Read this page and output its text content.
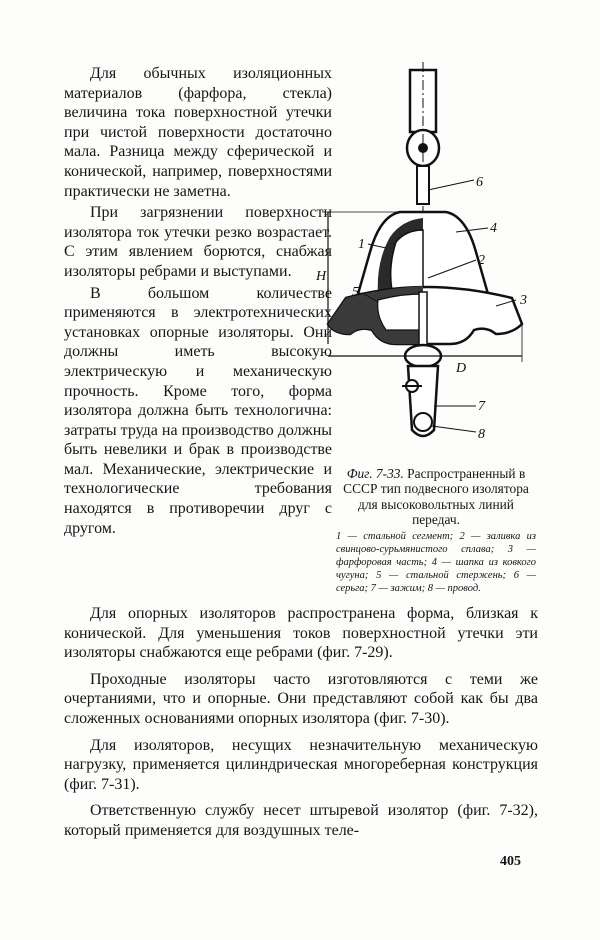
Для обычных изоляционных материалов (фарфора, стекла) величина тока поверхностной утечки при чистой поверхности достаточно мала. Разница между сферической и конической, например, поверхностями практически не заметна.

При загрязнении поверхности изолятора ток утечки резко возрастает. С этим явлением борются, снабжая изоляторы ребрами и выступами.

В большом количестве применяются в электротехнических установках опорные изоляторы. Они должны иметь высокую электрическую и механическую прочность. Кроме того, форма изолятора должна быть технологична: затраты труда на производство должны быть невелики и брак в производстве мал. Механические, электрические и технологические требования находятся в противоречии друг с другом.

6
4
1
2
3
5
7
8
H
D
Фиг. 7-33. Распространенный в СССР тип подвесного изолятора для высоковольтных линий передач.
1 — стальной сегмент; 2 — заливка из свинцово-сурьмянистого сплава; 3 — фарфоровая часть; 4 — шапка из ковкого чугуна; 5 — стальной стержень; 6 — серьга; 7 — зажим; 8 — провод.

Для опорных изоляторов распространена форма, близкая к конической. Для уменьшения токов поверхностной утечки эти изоляторы снабжаются еще ребрами (фиг. 7-29).

Проходные изоляторы часто изготовляются с теми же очертаниями, что и опорные. Они представляют собой как бы два сложенных основаниями опорных изолятора (фиг. 7-30).

Для изоляторов, несущих незначительную механическую нагрузку, применяется цилиндрическая многореберная конструкция (фиг. 7-31).

Ответственную службу несет штыревой изолятор (фиг. 7-32), который применяется для воздушных теле-

405
